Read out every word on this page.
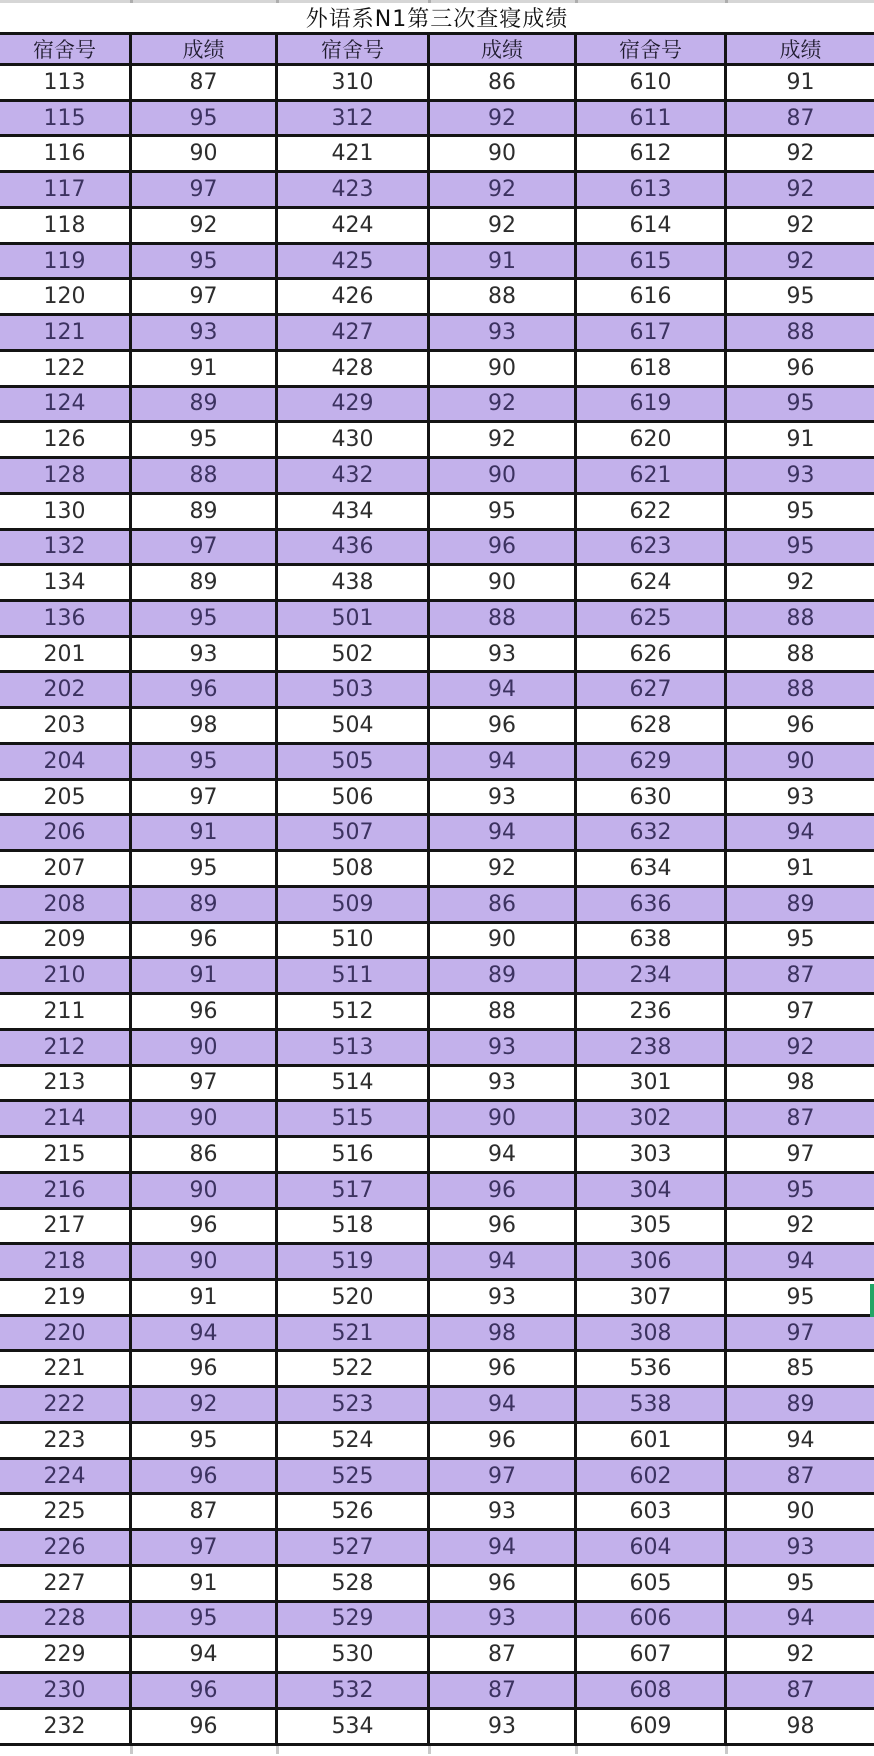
外语系N1第三次查寝成绩
宿舍号	成绩	宿舍号	成绩	宿舍号	成绩
113	87	310	86	610	91
115	95	312	92	611	87
116	90	421	90	612	92
117	97	423	92	613	92
118	92	424	92	614	92
119	95	425	91	615	92
120	97	426	88	616	95
121	93	427	93	617	88
122	91	428	90	618	96
124	89	429	92	619	95
126	95	430	92	620	91
128	88	432	90	621	93
130	89	434	95	622	95
132	97	436	96	623	95
134	89	438	90	624	92
136	95	501	88	625	88
201	93	502	93	626	88
202	96	503	94	627	88
203	98	504	96	628	96
204	95	505	94	629	90
205	97	506	93	630	93
206	91	507	94	632	94
207	95	508	92	634	91
208	89	509	86	636	89
209	96	510	90	638	95
210	91	511	89	234	87
211	96	512	88	236	97
212	90	513	93	238	92
213	97	514	93	301	98
214	90	515	90	302	87
215	86	516	94	303	97
216	90	517	96	304	95
217	96	518	96	305	92
218	90	519	94	306	94
219	91	520	93	307	95
220	94	521	98	308	97
221	96	522	96	536	85
222	92	523	94	538	89
223	95	524	96	601	94
224	96	525	97	602	87
225	87	526	93	603	90
226	97	527	94	604	93
227	91	528	96	605	95
228	95	529	93	606	94
229	94	530	87	607	92
230	96	532	87	608	87
232	96	534	93	609	98
